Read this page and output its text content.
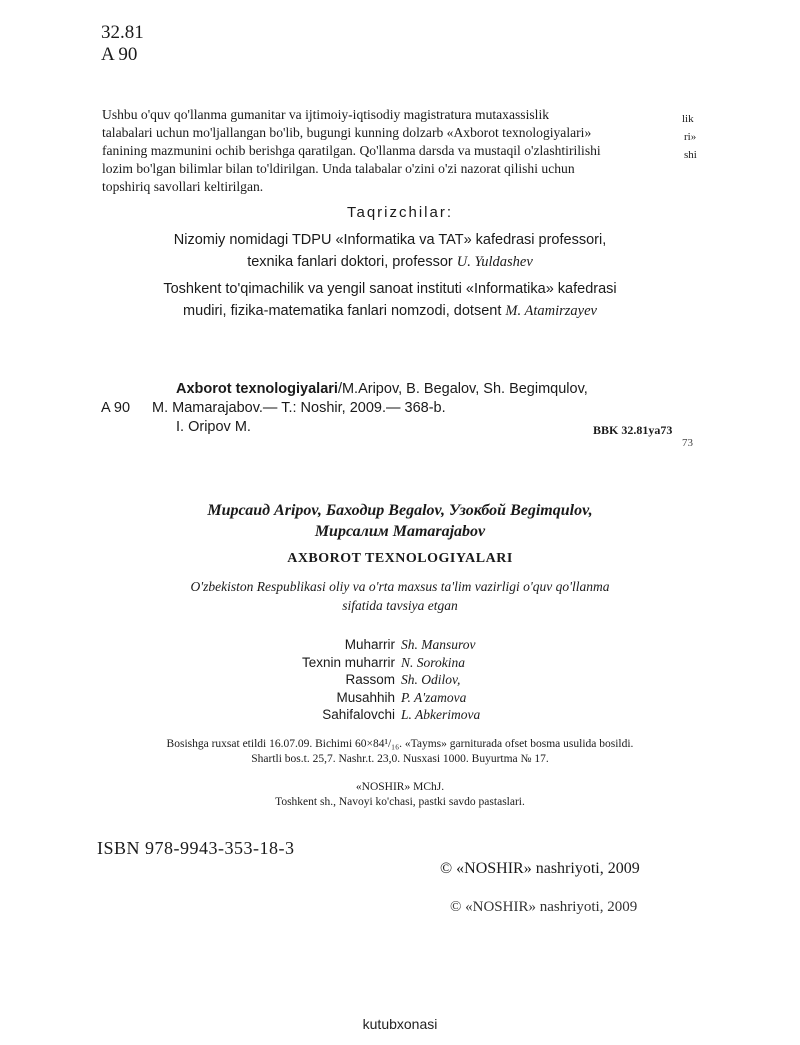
32.81
A 90
Ushbu o'quv qo'llanma gumanitar va ijtimoiy-iqtisodiy magistratura mutaxassislik
talabalari uchun mo'ljallangan bo'lib, bugungi kunning dolzarb «Axborot texnologiyalari»
fanining mazmunini ochib berishga qaratilgan. Qo'llanma darsda va mustaqil o'zlashtirilishi
lozim bo'lgan bilimlar bilan to'ldirilgan. Unda talabalar o'zini o'zi nazorat qilishi uchun
topshiriq savollari keltirilgan.
lik
ri»
shi
Taqrizchilar:
Nizomiy nomidagi TDPU «Informatika va TAT» kafedrasi professori,
texnika fanlari doktori, professor U. Yuldashev
Toshkent to'qimachilik va yengil sanoat instituti «Informatika» kafedrasi
mudiri, fizika-matematika fanlari nomzodi, dotsent M. Atamirzayev
Axborot texnologiyalari/M.Aripov, B. Begalov, Sh. Begimqulov,
A 90 M. Mamarajabov.— T.: Noshir, 2009.— 368-b.
I. Oripov M.	BBK 32.81ya73
73
Мирсаид Aripov, Баходир Begalov, Узокбой Begimqulov,
Мирсалим Mamarajabov
AXBOROT TEXNOLOGIYALARI
O'zbekiston Respublikasi oliy va o'rta maxsus ta'lim vazirligi o'quv qo'llanma
sifatida tavsiya etgan
Muharrir Sh. Mansurov
Texnin muharrir N. Sorokina
Rassom Sh. Odilov,
Musahhih P. A'zamova
Sahifalovchi L. Abkerimova
Bosishga ruxsat etildi 16.07.09. Bichimi 60×84¹/₁₆. «Tayms» garniturada ofset bosma usulida bosildi.
Shartli bos.t. 25,7. Nashr.t. 23,0. Nusxasi 1000. Buyurtma № 17.
«NOSHIR» MChJ.
Toshkent sh., Navoyi ko'chasi, pastki savdo pastaslari.
ISBN 978-9943-353-18-3
© «NOSHIR» nashriyoti, 2009
© «NOSHIR» nashriyoti, 2009
kutubxonasi
